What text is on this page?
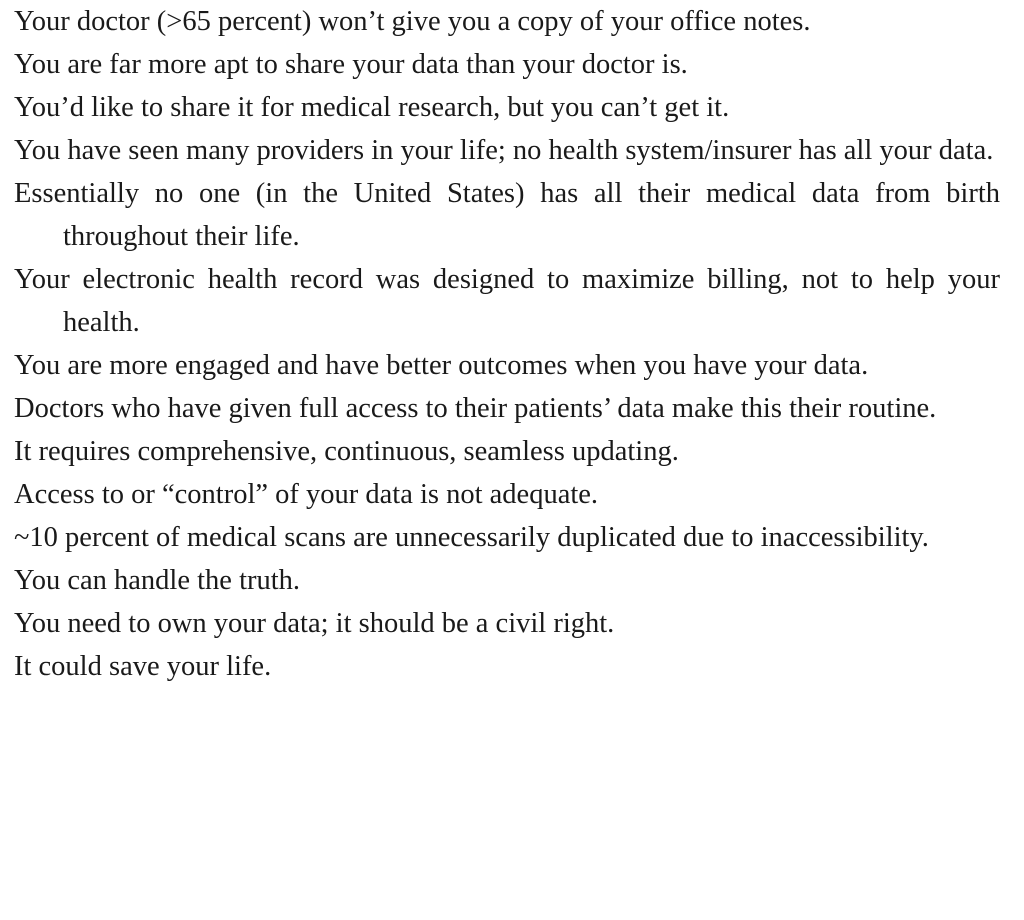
Your doctor (>65 percent) won’t give you a copy of your office notes.
You are far more apt to share your data than your doctor is.
You’d like to share it for medical research, but you can’t get it.
You have seen many providers in your life; no health system/insurer has all your data.
Essentially no one (in the United States) has all their medical data from birth throughout their life.
Your electronic health record was designed to maximize billing, not to help your health.
You are more engaged and have better outcomes when you have your data.
Doctors who have given full access to their patients’ data make this their routine.
It requires comprehensive, continuous, seamless updating.
Access to or “control” of your data is not adequate.
~10 percent of medical scans are unnecessarily duplicated due to inaccessibility.
You can handle the truth.
You need to own your data; it should be a civil right.
It could save your life.
